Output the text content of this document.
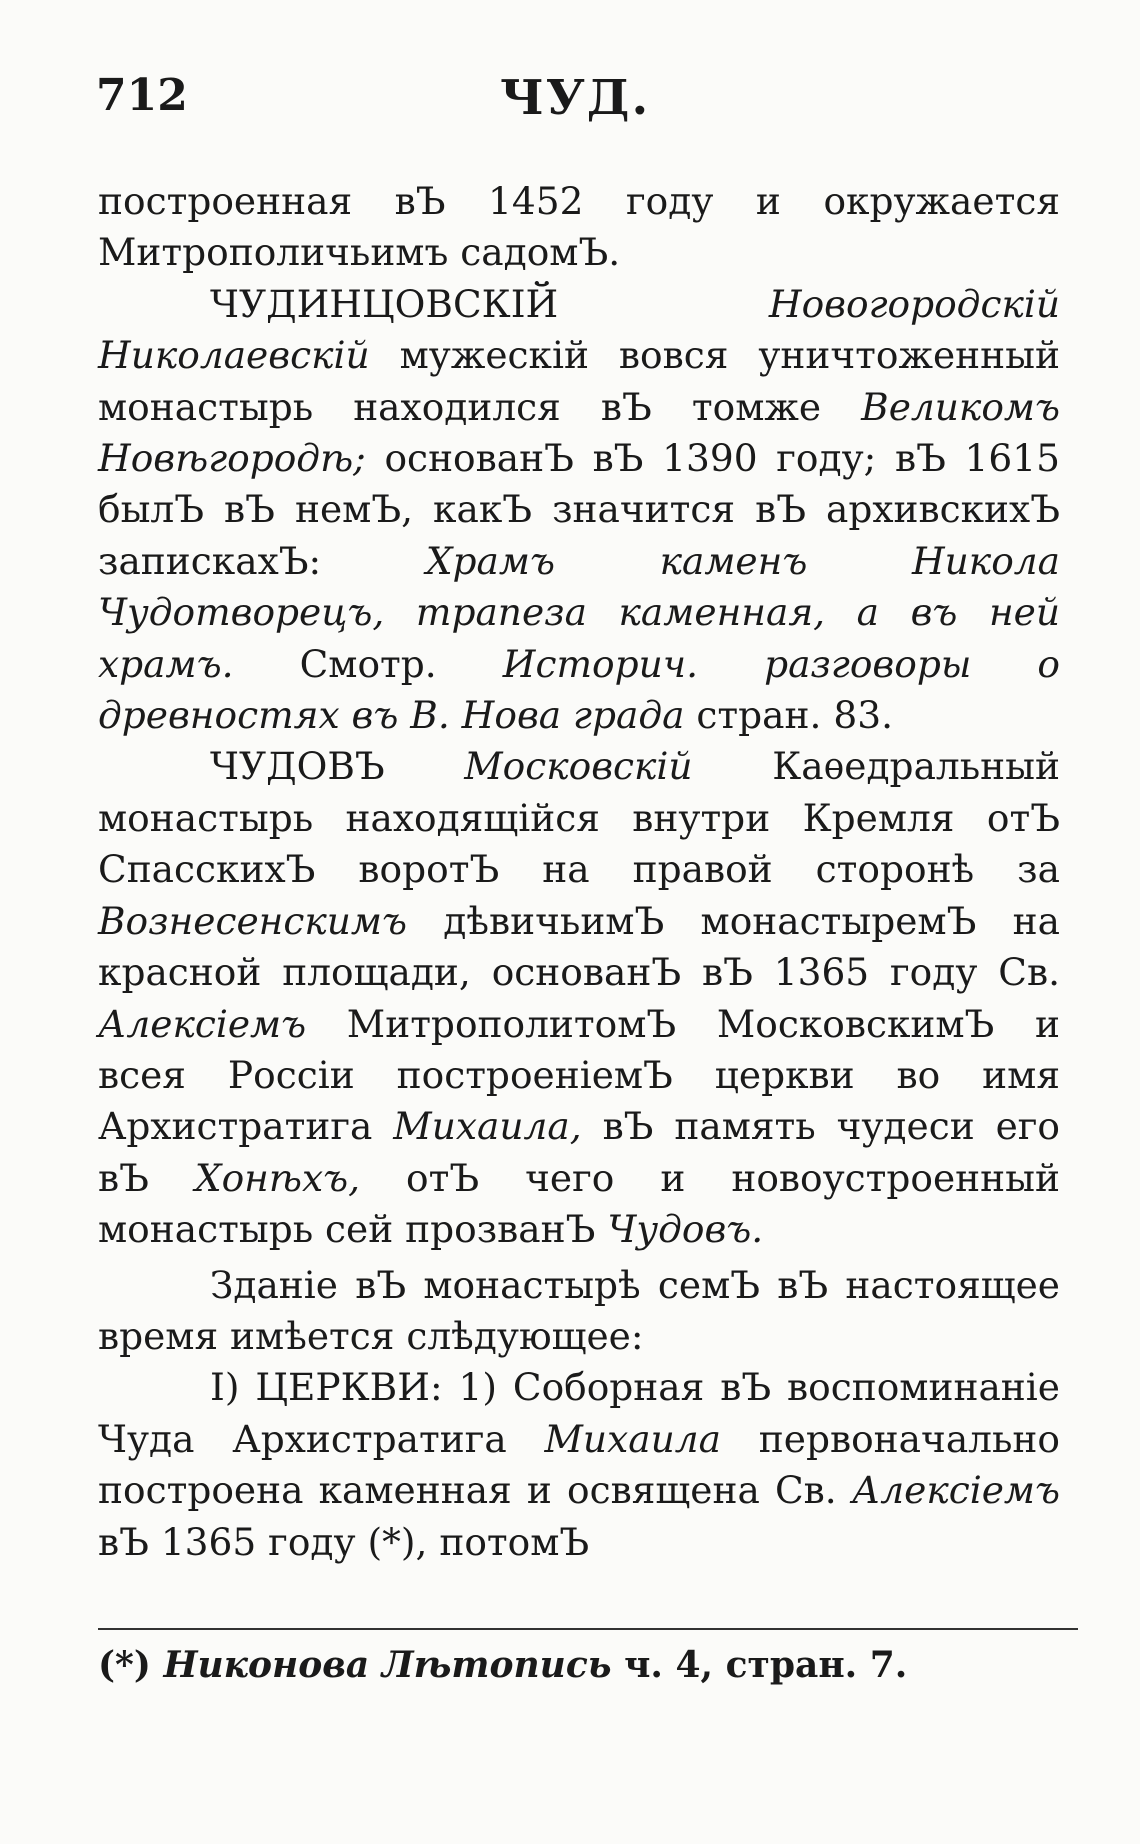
712	ЧУД.

построенная вЪ 1452 году и окружается Митрополичьимъ садомЪ.

ЧУДИНЦОВСКІЙ	Новогородскій Николаевскій мужескій вовся уничтоженный монастырь находился вЪ томже Великомъ Новѣгородѣ; основанЪ вЪ 1390 году; вЪ 1615 былЪ вЪ немЪ, какЪ значится вЪ архивскихЪ запискахЪ:	Храмъ каменъ Никола Чудотворецъ, трапеза каменная, а въ ней храмъ. Смотр. Историч. разговоры о древностях въ В. Нова града стран. 83.

ЧУДОВЪ Московскій Каѳедральный монастырь находящійся внутри Кремля отЪ СпасскихЪ воротЪ на правой сторонѣ за Вознесенскимъ дѣвичьимЪ монастыремЪ на красной площади, основанЪ вЪ 1365 году Св. Алексіемъ МитрополитомЪ МосковскимЪ и всея Россіи построеніемЪ церкви во имя Архистратига Михаила, вЪ память чудеси его вЪ Хонѣхъ, отЪ чего и новоустроенный монастырь сей прозванЪ Чудовъ.

Зданіе вЪ монастырѣ семЪ вЪ настоящее время имѣется слѣдующее:

I) ЦЕРКВИ: 1) Соборная вЪ воспоминаніе Чуда Архистратига Михаила первоначально построена каменная и освящена Св. Алексіемъ вЪ 1365 году (*), потомЪ

(*) Никонова Лѣтопись ч. 4, стран. 7.
